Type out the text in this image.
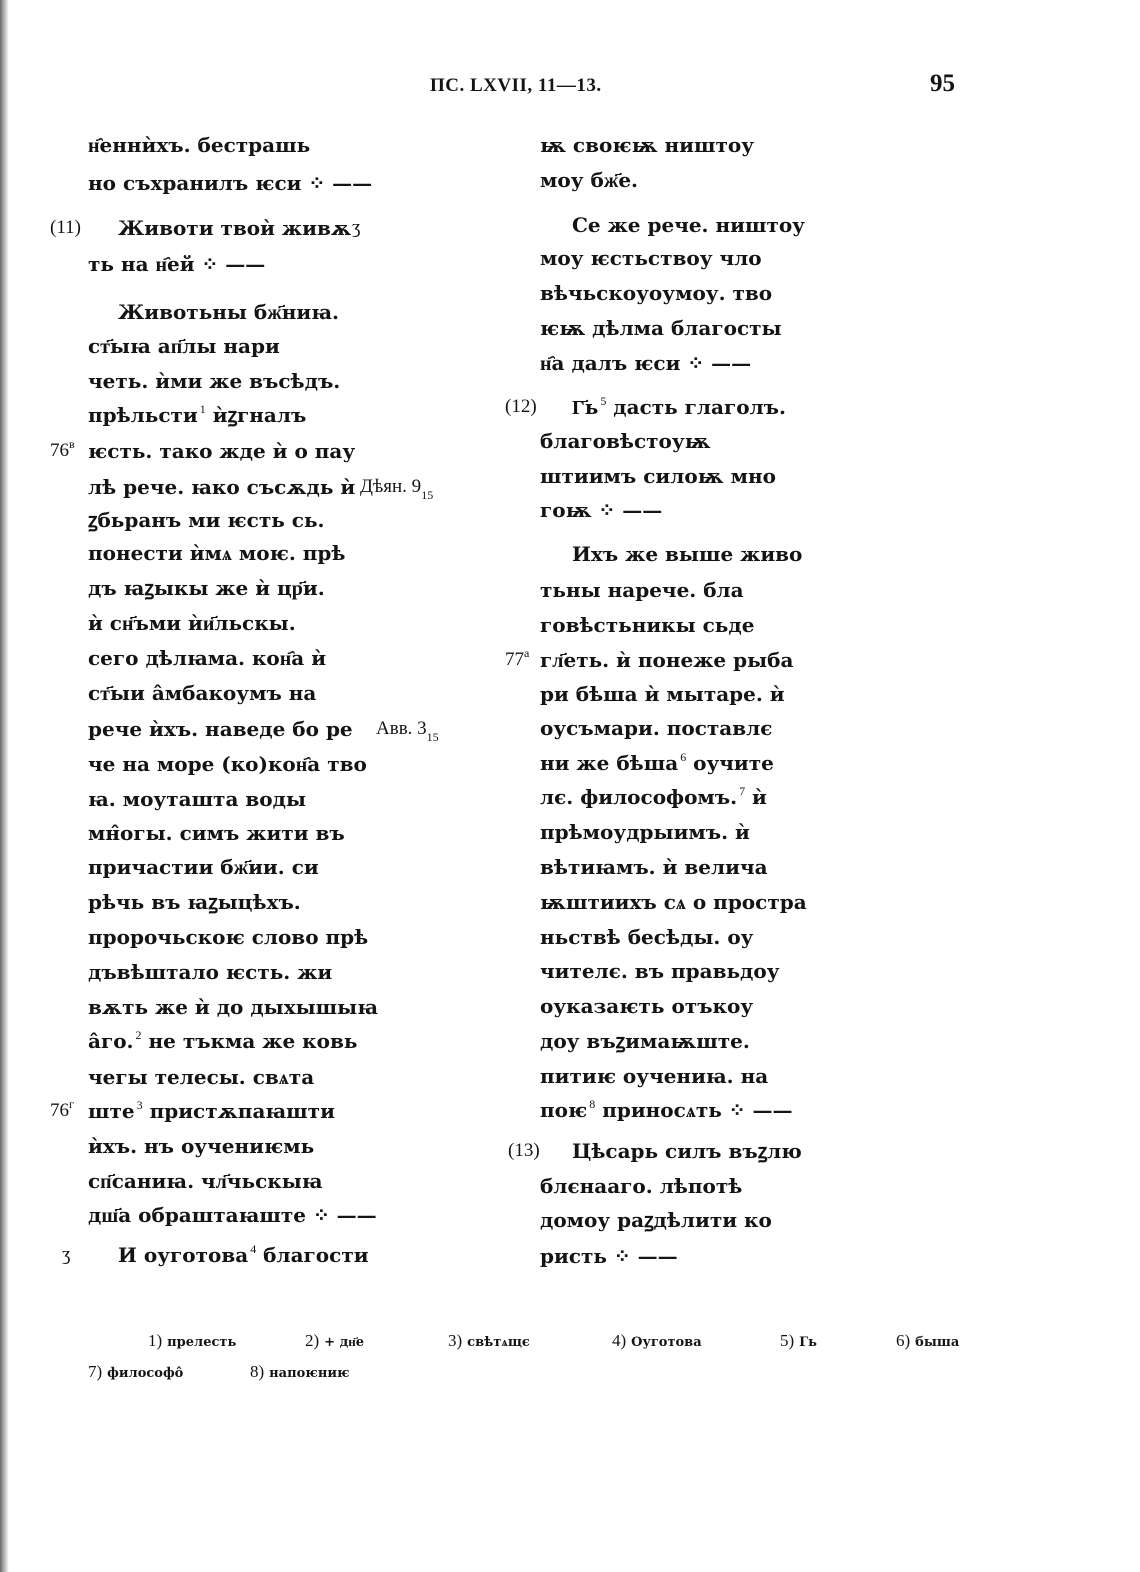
ПС. LXVII, 11—13.	95
н҄еннѝхъ. бестрашь
но съхранилъ ѥси ⁘ ——
Животи твоѝ живѫ
ть на н҄ей ⁘ ——
Животьны бж҃ниꙗ.
ст҃ыꙗ ап҃лы нари
четь. ѝми же въсѣдъ.
прѣльсти $^1$ ѝꙁгналъ
ѥсть. тако жде ѝ о пау
лѣ рече. ꙗко съсѫдь ѝ
ꙁбьранъ ми ѥсть сь.
понести ѝмѧ моѥ. прѣ
дъ ꙗꙁыкы же ѝ цр҃и.
ѝ сн҃ъми ѝи҃льскы.
сего дѣлꙗма. кон҄а ѝ
ст҃ыи а̂мбакоумъ на
рече ѝхъ. наведе бо ре
че на море (ко)кон҄а тво
ꙗ. моуташта воды
мн̂огы. симъ жити въ
причастии бж҃ии. си
рѣчь въ ꙗꙁыцѣхъ.
пророчьскоѥ слово прѣ
дъвѣштало ѥсть. жи
вѫть же ѝ до дыхышыꙗ
а̂го. $^2$ не тъкма же ковь
чегы телесы. свѧта
ште $^3$ пристѫпаꙗшти
ѝхъ. нъ оучениѥмь
сп҃саниꙗ. чл҃чьскыꙗ
дш҃а обраштаꙗште ⁘ ——
И оуготова $^4$ благости
ѭ своѥѭ ништоу
моу бж҃е.
Се же рече. ништоу
моу ѥстьствоу чло
вѣчьскоуоумоу. тво
ѥѭ дѣлма благосты
н҄а далъ ѥси ⁘ ——
Г҃ь $^5$ дасть глаголъ.
благовѣстоуѭ
штиимъ силоѭ мно
гоѭ ⁘ ——
Ихъ же выше живо
тьны нарече. бла
говѣстьникы сьде
гл҃еть. ѝ понеже рыба
ри бѣша ѝ мытаре. ѝ
оусъмари. поставлє
ни же бѣша $^6$ оучите
лє. философомъ. $^7$ ѝ
прѣмоудрыимъ. ѝ
вѣтиꙗмъ. ѝ велича
ѭштиихъ сѧ о простра
ньствѣ бесѣды. оу
чителє. въ правьдоу
оуказаѥть отъкоу
доу въꙁимаѭште.
питиѥ оучениꙗ. на
поѥ $^8$ приносѧть ⁘ ——
Цѣсарь силъ въꙁлю
блєнааго. лѣпотѣ
домоу раꙁдѣлити ко
ристь ⁘ ——
(11)
$76^в$
$76^г$
ʒ
ʒ
Дѣян. $9_{15}$
Авв. $3_{15}$
(12)
$77^а$
(13)
1) прелесть	2) + дн҃е	3) свѣтѧщє	4) Оуготова	5) Гь	6) быша
7) философо̂	8) напоѥниѥ
